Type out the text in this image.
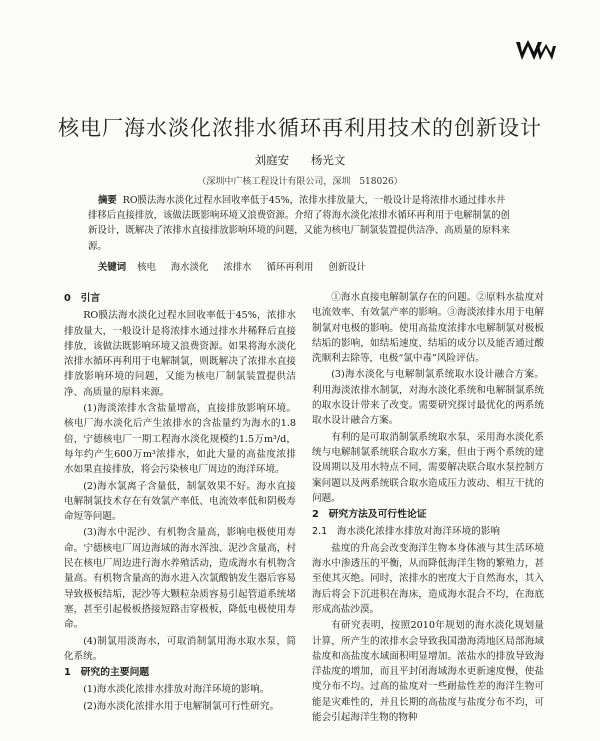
核电厂海水淡化浓排水循环再利用技术的创新设计
刘庭安 杨光文
（深圳中广核工程设计有限公司，深圳　518026）
摘要 RO膜法海水淡化过程水回收率低于45%，浓排水排放量大，一般设计是将浓排水通过排水井排移后直接排放，该做法既影响环境又浪费资源。介绍了将海水淡化浓排水循环再利用于电解制氯的创新设计，既解决了浓排水直接排放影响环境的问题，又能为核电厂制氯装置提供洁净、高质量的原料来源。
关键词 核电 海水淡化 浓排水 循环再利用 创新设计
0　引言

RO膜法海水淡化过程水回收率低于45%，浓排水排放量大，一般设计是将浓排水通过排水井稀释后直接排放，该做法既影响环境又浪费资源。如果将海水淡化浓排水循环再利用于电解制氯，则既解决了浓排水直接排放影响环境的问题，又能为核电厂制氯装置提供洁净、高质量的原料来源。

(1)海淡浓排水含盐量增高，直接排放影响环境。核电厂海水淡化后产生浓排水的含盐量约为海水的1.8倍，宁德核电厂一期工程海水淡化规模约1.5万m³/d，每年约产生600万m³浓排水，如此大量的高盐度浓排水如果直接排放，将会污染核电厂周边的海洋环境。

(2)海水氯离子含量低，制氯效果不好。海水直接电解制氯技术存在有效氯产率低、电流效率低和阴极寿命短等问题。

(3)海水中泥沙、有机物含量高，影响电极使用寿命。宁德核电厂周边海域的海水浑浊、泥沙含量高，村民在核电厂周边进行海水养殖活动，造成海水有机物含量高。有机物含量高的海水进入次氯酸钠发生器后容易导致极板结垢，泥沙等大颗粒杂质容易引起管道系统堵塞，甚至引起极板搭接短路击穿极板，降低电极使用寿命。

(4)制氯用淡海水，可取消制氯用海水取水泵，简化系统。

1　研究的主要问题

(1)海水淡化浓排水排放对海洋环境的影响。

(2)海水淡化浓排水用于电解制氯可行性研究。

①海水直接电解制氯存在的问题。②原料水盐度对电流效率、有效氯产率的影响。③海淡浓排水用于电解制氯对电极的影响。使用高盐度浓排水电解制氯对极板结垢的影响，如结垢速度、结垢的成分以及能否通过酸洗顺利去除等，电极“氯中毒”风险评估。

(3)海水淡化与电解制氯系统取水设计融合方案。利用海淡浓排水制氯，对海水淡化系统和电解制氯系统的取水设计带来了改变。需要研究探讨最优化的两系统取水设计融合方案。

有利的是可取消制氯系统取水泵，采用海水淡化系统与电解制氯系统联合取水方案，但由于两个系统的建设周期以及用水特点不同，需要解决联合取水泵控制方案问题以及两系统联合取水造成压力波动、相互干扰的问题。

2　研究方法及可行性论证
2.1　海水淡化浓排水排放对海洋环境的影响

盐度的升高会改变海洋生物本身体液与其生活环境海水中渗透压的平衡，从而降低海洋生物的繁殖力，甚至使其灭绝。同时，浓排水的密度大于自然海水，其入海后将会下沉进积在海床，造成海水混合不均，在海底形成高盐沙漠。

有研究表明，按照2010年规划的海水淡化规划量计算，所产生的浓排水会导致我国渤海湾地区局部海域盐度和高盐度水域面积明显增加。浓盐水的排放导致海洋盐度的增加，而且平封闭海域海水更新速度慢，使盐度分布不均。过高的盐度对一些耐盐性差的海洋生物可能是灾难性的，并且长期的高盐度与盐度分布不均，可能会引起海洋生物的物种
